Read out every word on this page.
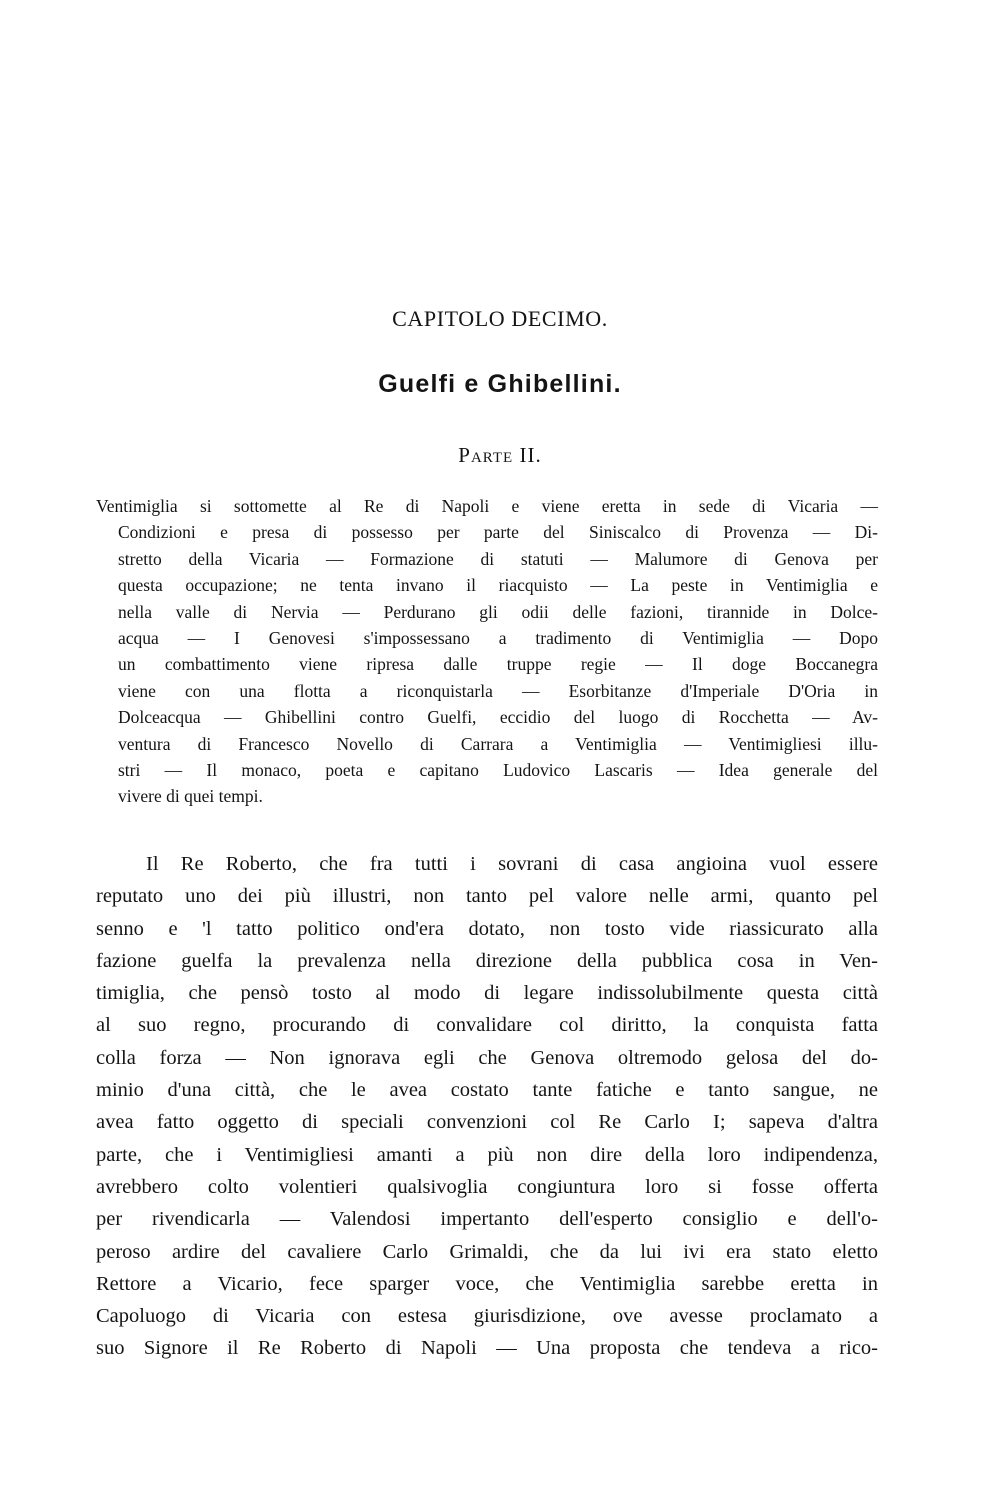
CAPITOLO DECIMO.
Guelfi e Ghibellini.
Parte II.
Ventimiglia si sottomette al Re di Napoli e viene eretta in sede di Vicaria —
Condizioni e presa di possesso per parte del Siniscalco di Provenza — Di-
stretto della Vicaria — Formazione di statuti — Malumore di Genova per
questa occupazione; ne tenta invano il riacquisto — La peste in Ventimiglia e
nella valle di Nervia — Perdurano gli odii delle fazioni, tirannide in Dolce-
acqua — I Genovesi s'impossessano a tradimento di Ventimiglia — Dopo
un combattimento viene ripresa dalle truppe regie — Il doge Boccanegra
viene con una flotta a riconquistarla — Esorbitanze d'Imperiale D'Oria in
Dolceacqua — Ghibellini contro Guelfi, eccidio del luogo di Rocchetta — Av-
ventura di Francesco Novello di Carrara a Ventimiglia — Ventimigliesi illu-
stri — Il monaco, poeta e capitano Ludovico Lascaris — Idea generale del
vivere di quei tempi.
Il Re Roberto, che fra tutti i sovrani di casa angioina vuol essere
reputato uno dei più illustri, non tanto pel valore nelle armi, quanto pel
senno e 'l tatto politico ond'era dotato, non tosto vide riassicurato alla
fazione guelfa la prevalenza nella direzione della pubblica cosa in Ven-
timiglia, che pensò tosto al modo di legare indissolubilmente questa città
al suo regno, procurando di convalidare col diritto, la conquista fatta
colla forza — Non ignorava egli che Genova oltremodo gelosa del do-
minio d'una città, che le avea costato tante fatiche e tanto sangue, ne
avea fatto oggetto di speciali convenzioni col Re Carlo I; sapeva d'altra
parte, che i Ventimigliesi amanti a più non dire della loro indipendenza,
avrebbero colto volentieri qualsivoglia congiuntura loro si fosse offerta
per rivendicarla — Valendosi impertanto dell'esperto consiglio e dell'o-
peroso ardire del cavaliere Carlo Grimaldi, che da lui ivi era stato eletto
Rettore a Vicario, fece sparger voce, che Ventimiglia sarebbe eretta in
Capoluogo di Vicaria con estesa giurisdizione, ove avesse proclamato a
suo Signore il Re Roberto di Napoli — Una proposta che tendeva a rico-
